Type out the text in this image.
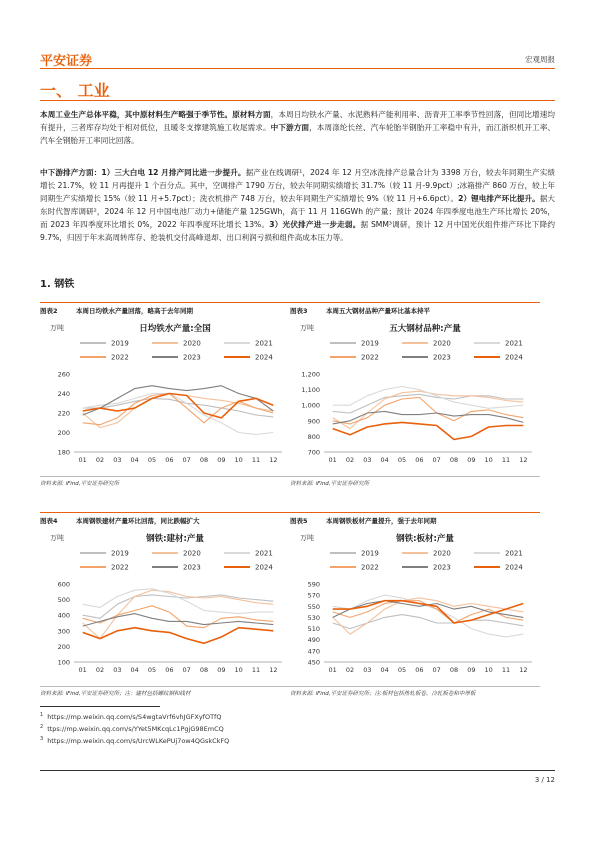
平安证券	宏观周报
一、 工业
本周工业生产总体平稳，其中原材料生产略强于季节性。原材料方面，本周日均铁水产量、水泥熟料产能利用率、沥青开工率季节性回落，但同比增速均有提升，三者库存均处于相对低位，且暖冬支撑建筑施工收尾需求。中下游方面，本周涤纶长丝、汽车轮胎半钢胎开工率稳中有升，而江浙织机开工率、汽车全钢胎开工率同比回落。
中下游排产方面：1）三大白电 12 月排产同比进一步提升。据产业在线调研¹，2024 年 12 月空冰洗排产总量合计为 3398 万台，较去年同期生产实绩增长 21.7%，较 11 月再提升 1 个百分点。其中，空调排产 1790 万台，较去年同期实绩增长 31.7%（较 11 月-9.9pct）;冰箱排产 860 万台，较上年同期生产实绩增长 15%（较 11 月+5.7pct）；洗衣机排产 748 万台，较去年同期生产实绩增长 9%（较 11 月+6.6pct）。2）锂电排产环比提升。据大东时代智库调研²，2024 年 12 月中国电池厂动力+储能产量 125GWh，高于 11 月 116GWh 的产量；预计 2024 年四季度电池生产环比增长 20%，而 2023 年四季度环比增长 0%，2022 年四季度环比增长 13%。3）光伏排产进一步走弱。据 SMM³调研，预计 12 月中国光伏组件排产环比下降约 9.7%，归因于年末高周转库存、抢装机交付高峰退却、出口利润亏损和组件高成本压力等。
1. 钢铁
图表2	本周日均铁水产量回落，略高于去年同期
万吨	日均铁水产量:全国
2019	2020	2021
2022	2023	2024
180
200
220
240
260
01 02 03 04 05 06 07 08 09 10 11 12
资料来源: iFind,平安证券研究所
图表3	本周五大钢材品种产量环比基本持平
万吨	五大钢材品种:产量
2019	2020	2021
2022	2023	2024
700
800
900
1,000
1,100
1,200
01 02 03 04 05 06 07 08 09 10 11 12
资料来源: iFind,平安证券研究所
图表4	本周钢铁建材产量环比回落，同比跌幅扩大
万吨	钢铁:建材:产量
2019	2020	2021
2022	2023	2024
100
200
300
400
500
600
01 02 03 04 05 06 07 08 09 10 11 12
资料来源: iFind,平安证券研究所；注：建材包括螺纹钢和线材
图表5	本周钢铁板材产量提升，强于去年同期
万吨	钢铁:板材:产量
2019	2020	2021
2022	2023	2024
450
470
490
510
530
550
570
590
01 02 03 04 05 06 07 08 09 10 11 12
资料来源: iFind,平安证券研究所；注:板材包括热轧板卷、冷轧板卷和中厚板
$^1$ https://mp.weixin.qq.com/s/S4wgtaVrf6vhJGFXyfOTfQ
$^2$ ttps://mp.weixin.qq.com/s/YYet5MKcqLc1PgjG98EmCQ
$^3$ https://mp.weixin.qq.com/s/UrcWLKePUj7ow4QGskCkFQ
3 / 12
